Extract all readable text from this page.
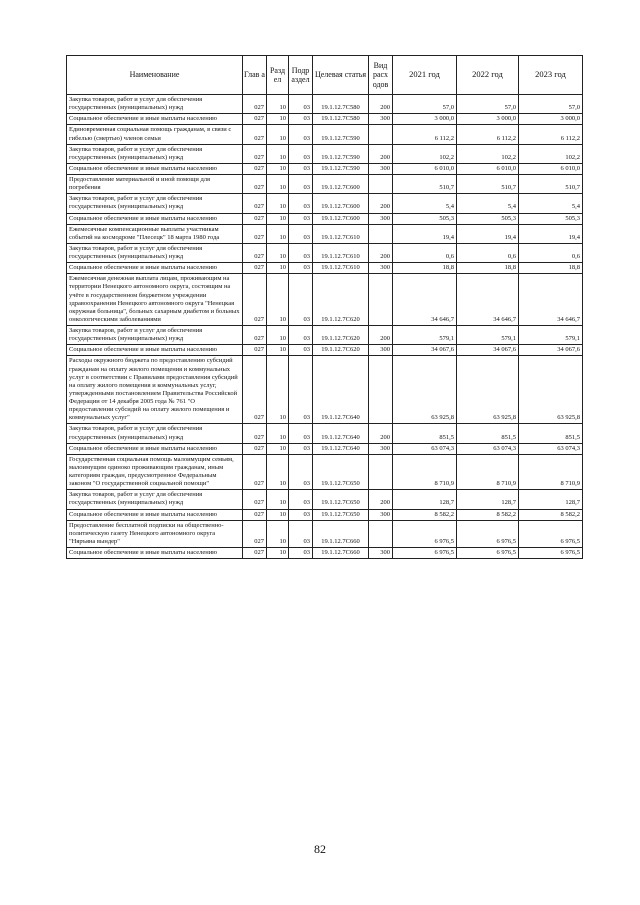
Наименование	Глав а	Разд ел	Подр аздел	Целевая статья	Вид расх одов	2021 год	2022 год	2023 год
Закупка товаров, работ и услуг для обеспечения государственных (муниципальных) нужд	027	10	03	19.1.12.7С580	200	57,0	57,0	57,0
Социальное обеспечение и иные выплаты населению	027	10	03	19.1.12.7С580	300	3 000,0	3 000,0	3 000,0
Единовременная социальная помощь гражданам, в связи с гибелью (смертью) членов семьи	027	10	03	19.1.12.7С590		6 112,2	6 112,2	6 112,2
Закупка товаров, работ и услуг для обеспечения государственных (муниципальных) нужд	027	10	03	19.1.12.7С590	200	102,2	102,2	102,2
Социальное обеспечение и иные выплаты населению	027	10	03	19.1.12.7С590	300	6 010,0	6 010,0	6 010,0
Предоставление материальной и иной помощи для погребения	027	10	03	19.1.12.7С600		510,7	510,7	510,7
Закупка товаров, работ и услуг для обеспечения государственных (муниципальных) нужд	027	10	03	19.1.12.7С600	200	5,4	5,4	5,4
Социальное обеспечение и иные выплаты населению	027	10	03	19.1.12.7С600	300	505,3	505,3	505,3
Ежемесячные компенсационные выплаты участникам событий на космодроме "Плесецк" 18 марта 1980 года	027	10	03	19.1.12.7С610		19,4	19,4	19,4
Закупка товаров, работ и услуг для обеспечения государственных (муниципальных) нужд	027	10	03	19.1.12.7С610	200	0,6	0,6	0,6
Социальное обеспечение и иные выплаты населению	027	10	03	19.1.12.7С610	300	18,8	18,8	18,8
Ежемесячная денежная выплата лицам, проживающим на территории Ненецкого автономного округа, состоящим на учёте в государственном бюджетном учреждении здравоохранения Ненецкого автономного округа "Ненецкая окружная больница", больных сахарным диабетом и больных онкологическими заболеваниями	027	10	03	19.1.12.7С620		34 646,7	34 646,7	34 646,7
Закупка товаров, работ и услуг для обеспечения государственных (муниципальных) нужд	027	10	03	19.1.12.7С620	200	579,1	579,1	579,1
Социальное обеспечение и иные выплаты населению	027	10	03	19.1.12.7С620	300	34 067,6	34 067,6	34 067,6
Расходы окружного бюджета по предоставлению субсидий гражданам на оплату жилого помещения и коммунальных услуг в соответствии с Правилами предоставления субсидий на оплату жилого помещения и коммунальных услуг, утвержденными постановлением Правительства Российской Федерации от 14 декабря 2005 года № 761 "О предоставлении субсидий на оплату жилого помещения и коммунальных услуг"	027	10	03	19.1.12.7С640		63 925,8	63 925,8	63 925,8
Закупка товаров, работ и услуг для обеспечения государственных (муниципальных) нужд	027	10	03	19.1.12.7С640	200	851,5	851,5	851,5
Социальное обеспечение и иные выплаты населению	027	10	03	19.1.12.7С640	300	63 074,3	63 074,3	63 074,3
Государственная социальная помощь малоимущим семьям, малоимущим одиноко проживающим гражданам, иным категориям граждан, предусмотренное Федеральным законом "О государственной социальной помощи"	027	10	03	19.1.12.7С650		8 710,9	8 710,9	8 710,9
Закупка товаров, работ и услуг для обеспечения государственных (муниципальных) нужд	027	10	03	19.1.12.7С650	200	128,7	128,7	128,7
Социальное обеспечение и иные выплаты населению	027	10	03	19.1.12.7С650	300	8 582,2	8 582,2	8 582,2
Предоставление бесплатной подписки на общественно-политическую газету Ненецкого автономного округа "Няръяна вындер"	027	10	03	19.1.12.7С660		6 976,5	6 976,5	6 976,5
Социальное обеспечение и иные выплаты населению	027	10	03	19.1.12.7С660	300	6 976,5	6 976,5	6 976,5
82
